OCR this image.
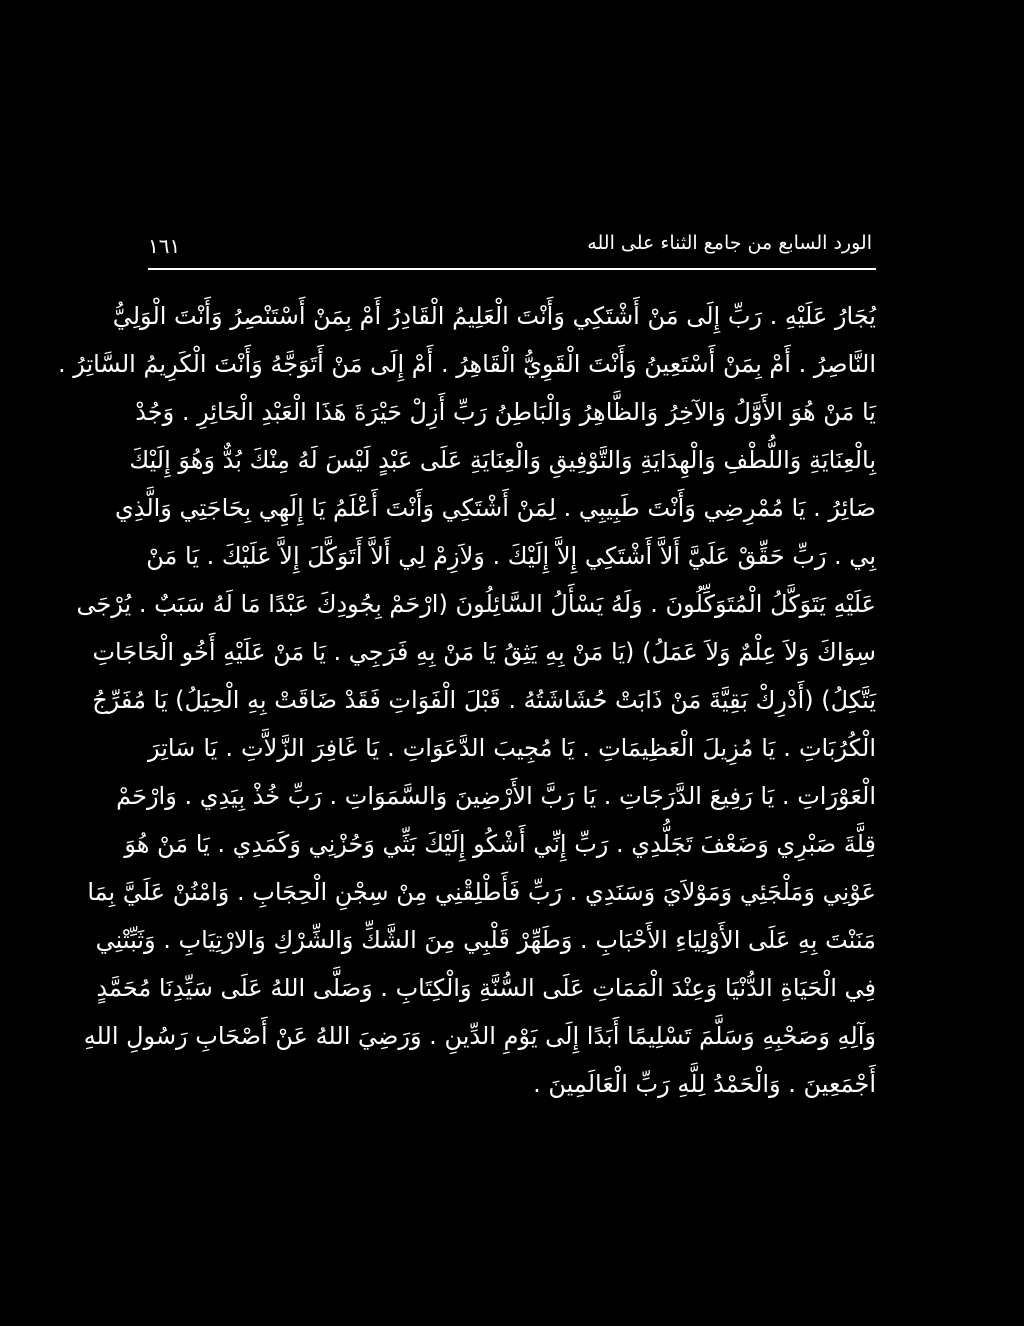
١٦١	الورد السابع من جامع الثناء على الله
يُجَارُ عَلَيْهِ . رَبِّ إِلَى مَنْ أَشْتَكِي وَأَنْتَ الْعَلِيمُ الْقَادِرُ أَمْ بِمَنْ أَسْتَنْصِرُ وَأَنْتَ الْوَلِيُّ
النَّاصِرُ . أَمْ بِمَنْ أَسْتَعِينُ وَأَنْتَ الْقَوِيُّ الْقَاهِرُ . أَمْ إِلَى مَنْ أَتَوَجَّهُ وَأَنْتَ الْكَرِيمُ السَّاتِرُ .
يَا مَنْ هُوَ الأَوَّلُ وَالآخِرُ وَالظَّاهِرُ وَالْبَاطِنُ رَبِّ أَزِلْ حَيْرَةَ هَذَا الْعَبْدِ الْحَائِرِ . وَجُدْ
بِالْعِنَايَةِ وَاللُّطْفِ وَالْهِدَايَةِ وَالتَّوْفِيقِ وَالْعِنَايَةِ عَلَى عَبْدٍ لَيْسَ لَهُ مِنْكَ بُدٌّ وَهُوَ إِلَيْكَ
صَائِرُ . يَا مُمْرِضِي وَأَنْتَ طَبِيبِي . لِمَنْ أَشْتَكِي وَأَنْتَ أَعْلَمُ يَا إِلَهِي بِحَاجَتِي وَالَّذِي
بِي . رَبِّ حَقِّقْ عَلَيَّ أَلاَّ أَشْتَكِي إِلاَّ إِلَيْكَ . وَلاَزِمْ لِي أَلاَّ أَتَوَكَّلَ إِلاَّ عَلَيْكَ . يَا مَنْ
عَلَيْهِ يَتَوَكَّلُ الْمُتَوَكِّلُونَ . وَلَهُ يَسْأَلُ السَّائِلُونَ (ارْحَمْ بِجُودِكَ عَبْدًا مَا لَهُ سَبَبٌ . يُرْجَى
سِوَاكَ وَلاَ عِلْمٌ وَلاَ عَمَلُ) (يَا مَنْ بِهِ يَثِقُ يَا مَنْ بِهِ فَرَجِي . يَا مَنْ عَلَيْهِ أَخُو الْحَاجَاتِ
يَتَّكِلُ) (أَدْرِكْ بَقِيَّةَ مَنْ ذَابَتْ حُشَاشَتُهُ . قَبْلَ الْفَوَاتِ فَقَدْ ضَاقَتْ بِهِ الْحِيَلُ) يَا مُفَرِّجُ
الْكُرُبَاتِ . يَا مُزِيلَ الْعَظِيمَاتِ . يَا مُجِيبَ الدَّعَوَاتِ . يَا غَافِرَ الزَّلاَّتِ . يَا سَاتِرَ
الْعَوْرَاتِ . يَا رَفِيعَ الدَّرَجَاتِ . يَا رَبَّ الأَرْضِينَ وَالسَّمَوَاتِ . رَبِّ خُذْ بِيَدِي . وَارْحَمْ
قِلَّةَ صَبْرِي وَضَعْفَ تَجَلُّدِي . رَبِّ إِنِّي أَشْكُو إِلَيْكَ بَثِّي وَحُزْنِي وَكَمَدِي . يَا مَنْ هُوَ
عَوْنِي وَمَلْجَئِي وَمَوْلاَيَ وَسَنَدِي . رَبِّ فَأَطْلِقْنِي مِنْ سِجْنِ الْحِجَابِ . وَامْنُنْ عَلَيَّ بِمَا
مَنَنْتَ بِهِ عَلَى الأَوْلِيَاءِ الأَحْبَابِ . وَطَهِّرْ قَلْبِي مِنَ الشَّكِّ وَالشِّرْكِ وَالارْتِيَابِ . وَثَبِّتْنِي
فِي الْحَيَاةِ الدُّنْيَا وَعِنْدَ الْمَمَاتِ عَلَى السُّنَّةِ وَالْكِتَابِ . وَصَلَّى اللهُ عَلَى سَيِّدِنَا مُحَمَّدٍ
وَآلِهِ وَصَحْبِهِ وَسَلَّمَ تَسْلِيمًا أَبَدًا إِلَى يَوْمِ الدِّينِ . وَرَضِيَ اللهُ عَنْ أَصْحَابِ رَسُولِ اللهِ
أَجْمَعِينَ . وَالْحَمْدُ لِلَّهِ رَبِّ الْعَالَمِينَ .
